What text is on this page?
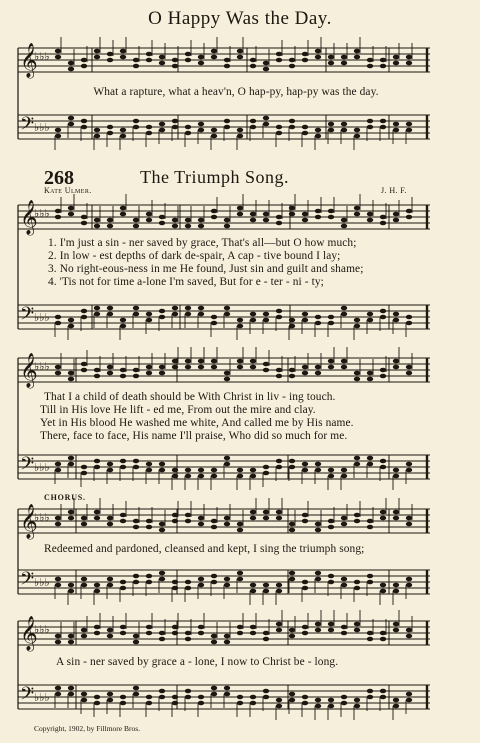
𝄞
𝄢
♭♭♭
♭♭♭
𝄞
𝄢
♭♭♭
♭♭♭
𝄞
𝄢
♭♭♭
♭♭♭
𝄞
𝄢
♭♭♭
♭♭♭
𝄞
𝄢
♭♭♭
♭♭♭
O Happy Was the Day.
What a rapture, what a heav'n, O hap-py, hap-py was the day.
268	The Triumph Song.
Kate Ulmer.	J. H. F.
1. I'm just a sin - ner saved by grace, That's all—but O how much;
2. In low - est depths of dark de-spair, A cap - tive bound I lay;
3. No right-eous-ness in me He found, Just sin and guilt and shame;
4. 'Tis not for time a-lone I'm saved, But for e - ter - ni - ty;
That I a child of death should be With Christ in liv - ing touch.
Till in His love He lift - ed me, From out the mire and clay.
Yet in His blood He washed me white, And called me by His name.
There, face to face, His name I'll praise, Who did so much for me.
CHORUS.
Redeemed and pardoned, cleansed and kept, I sing the triumph song;
A sin - ner saved by grace a - lone, I now to Christ be - long.
Copyright, 1902, by Fillmore Bros.
